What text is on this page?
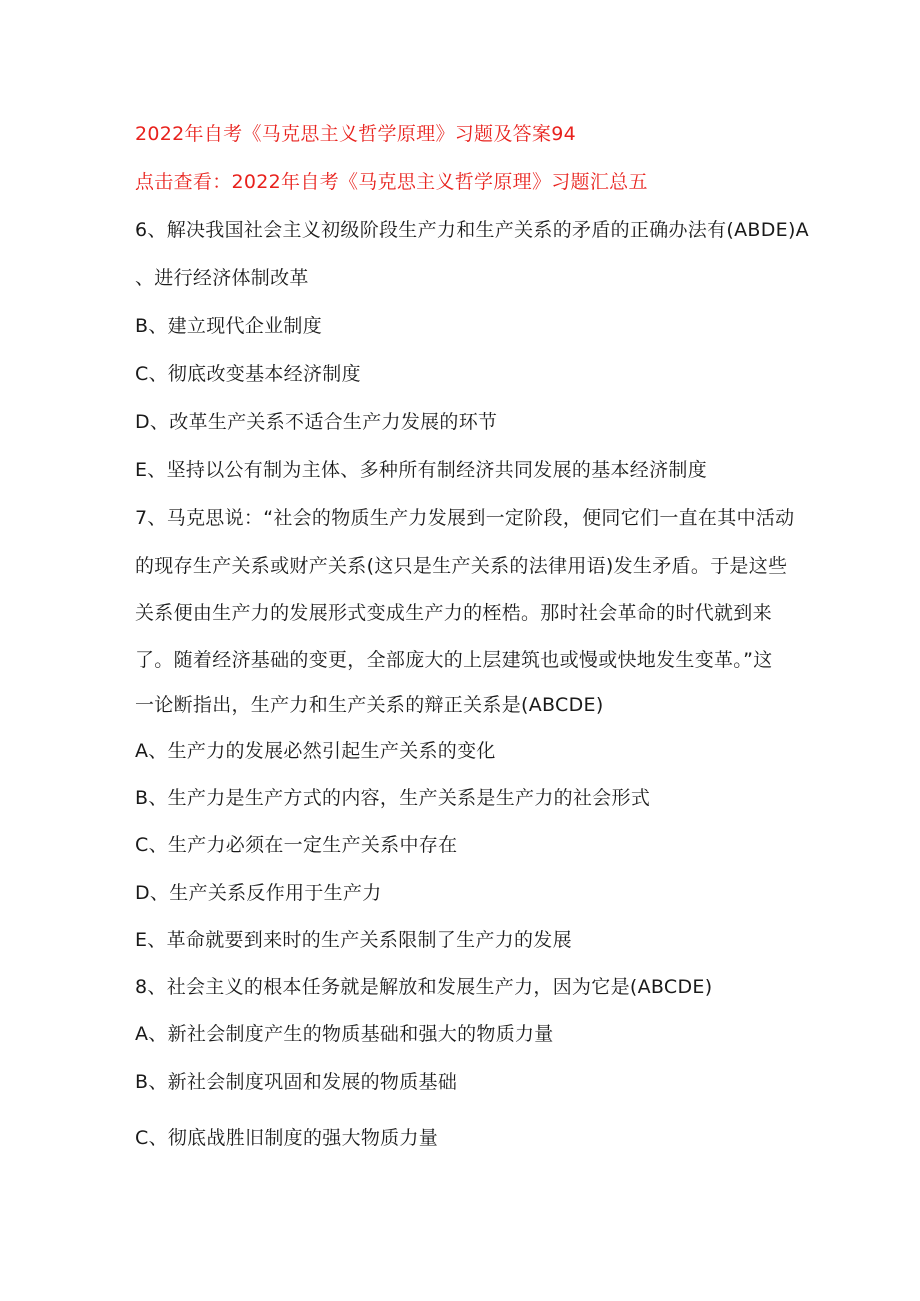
2022年自考《马克思主义哲学原理》习题及答案94
点击查看：2022年自考《马克思主义哲学原理》习题汇总五
6、解决我国社会主义初级阶段生产力和生产关系的矛盾的正确办法有(ABDE)A
、进行经济体制改革
B、建立现代企业制度
C、彻底改变基本经济制度
D、改革生产关系不适合生产力发展的环节
E、坚持以公有制为主体、多种所有制经济共同发展的基本经济制度
7、马克思说：“社会的物质生产力发展到一定阶段，便同它们一直在其中活动
的现存生产关系或财产关系(这只是生产关系的法律用语)发生矛盾。于是这些
关系便由生产力的发展形式变成生产力的桎梏。那时社会革命的时代就到来
了。随着经济基础的变更，全部庞大的上层建筑也或慢或快地发生变革。”这
一论断指出，生产力和生产关系的辩正关系是(ABCDE)
A、生产力的发展必然引起生产关系的变化
B、生产力是生产方式的内容，生产关系是生产力的社会形式
C、生产力必须在一定生产关系中存在
D、生产关系反作用于生产力
E、革命就要到来时的生产关系限制了生产力的发展
8、社会主义的根本任务就是解放和发展生产力，因为它是(ABCDE)
A、新社会制度产生的物质基础和强大的物质力量
B、新社会制度巩固和发展的物质基础
C、彻底战胜旧制度的强大物质力量
